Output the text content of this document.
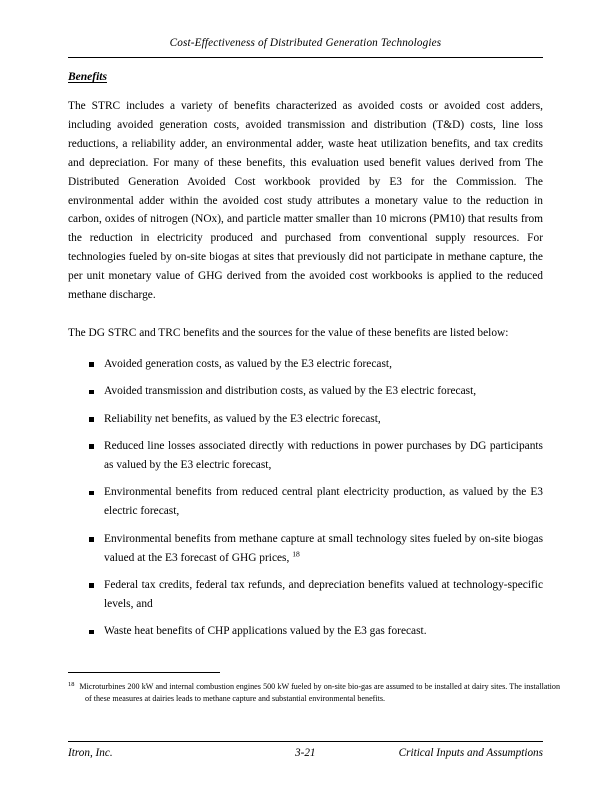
Cost-Effectiveness of Distributed Generation Technologies
Benefits

The STRC includes a variety of benefits characterized as avoided costs or avoided cost adders, including avoided generation costs, avoided transmission and distribution (T&D) costs, line loss reductions, a reliability adder, an environmental adder, waste heat utilization benefits, and tax credits and depreciation. For many of these benefits, this evaluation used benefit values derived from The Distributed Generation Avoided Cost workbook provided by E3 for the Commission. The environmental adder within the avoided cost study attributes a monetary value to the reduction in carbon, oxides of nitrogen (NOx), and particle matter smaller than 10 microns (PM10) that results from the reduction in electricity produced and purchased from conventional supply resources. For technologies fueled by on-site biogas at sites that previously did not participate in methane capture, the per unit monetary value of GHG derived from the avoided cost workbooks is applied to the reduced methane discharge.

The DG STRC and TRC benefits and the sources for the value of these benefits are listed below:

Avoided generation costs, as valued by the E3 electric forecast,
Avoided transmission and distribution costs, as valued by the E3 electric forecast,
Reliability net benefits, as valued by the E3 electric forecast,
Reduced line losses associated directly with reductions in power purchases by DG participants as valued by the E3 electric forecast,
Environmental benefits from reduced central plant electricity production, as valued by the E3 electric forecast,
Environmental benefits from methane capture at small technology sites fueled by on-site biogas valued at the E3 forecast of GHG prices, $^{18}$
Federal tax credits, federal tax refunds, and depreciation benefits valued at technology-specific levels, and
Waste heat benefits of CHP applications valued by the E3 gas forecast.
$^{18}$ Microturbines 200 kW and internal combustion engines 500 kW fueled by on-site bio-gas are assumed to be installed at dairy sites. The installation of these measures at dairies leads to methane capture and substantial environmental benefits.
Itron, Inc.	3-21	Critical Inputs and Assumptions
